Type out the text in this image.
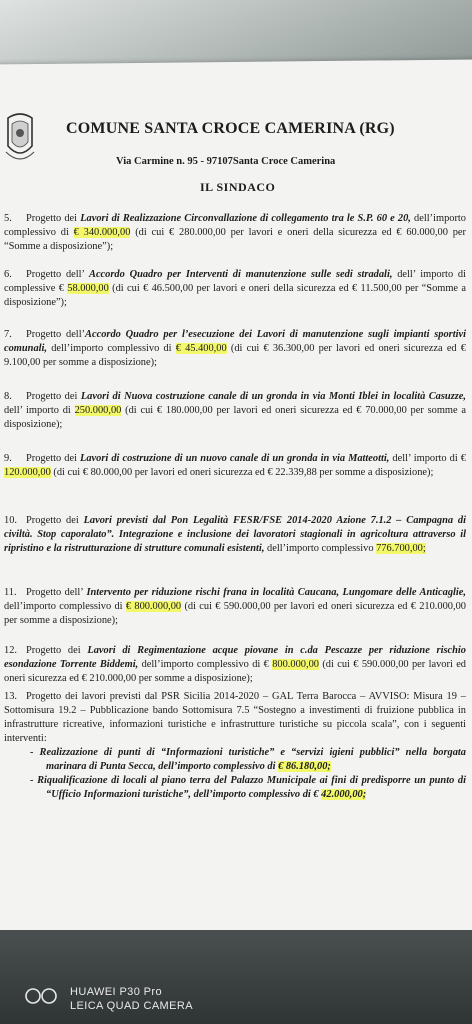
COMUNE SANTA CROCE CAMERINA (RG)
Via Carmine n. 95 - 97107Santa Croce Camerina
IL SINDACO

5. Progetto dei Lavori di Realizzazione Circonvallazione di collegamento tra le S.P. 60 e 20, dell’importo complessivo di € 340.000,00 (di cui € 280.000,00 per lavori e oneri della sicurezza ed € 60.000,00 per “Somme a disposizione”);

6. Progetto dell’ Accordo Quadro per Interventi di manutenzione sulle sedi stradali, dell’ importo di complessive € 58.000,00 (di cui € 46.500,00 per lavori e oneri della sicurezza ed € 11.500,00 per “Somme a disposizione”);

7. Progetto dell’Accordo Quadro per l’esecuzione dei Lavori di manutenzione sugli impianti sportivi comunali, dell’importo complessivo di € 45.400,00 (di cui € 36.300,00 per lavori ed oneri sicurezza ed € 9.100,00 per somme a disposizione);

8. Progetto dei Lavori di Nuova costruzione canale di un gronda in via Monti Iblei in località Casuzze, dell’ importo di 250.000,00 (di cui € 180.000,00 per lavori ed oneri sicurezza ed € 70.000,00 per somme a disposizione);

9. Progetto dei Lavori di costruzione di un nuovo canale di un gronda in via Matteotti, dell’ importo di € 120.000,00 (di cui € 80.000,00 per lavori ed oneri sicurezza ed € 22.339,88 per somme a disposizione);

10. Progetto dei Lavori previsti dal Pon Legalità FESR/FSE 2014-2020 Azione 7.1.2 – Campagna di civiltà. Stop caporalato”. Integrazione e inclusione dei lavoratori stagionali in agricoltura attraverso il ripristino e la ristrutturazione di strutture comunali esistenti, dell’importo complessivo 776.700,00;

11. Progetto dell’ Intervento per riduzione rischi frana in località Caucana, Lungomare delle Anticaglie, dell’importo complessivo di € 800.000,00 (di cui € 590.000,00 per lavori ed oneri sicurezza ed € 210.000,00 per somme a disposizione);

12. Progetto dei Lavori di Regimentazione acque piovane in c.da Pescazze per riduzione rischio esondazione Torrente Biddemi, dell’importo complessivo di € 800.000,00 (di cui € 590.000,00 per lavori ed oneri sicurezza ed € 210.000,00 per somme a disposizione);

13. Progetto dei lavori previsti dal PSR Sicilia 2014-2020 – GAL Terra Barocca – AVVISO: Misura 19 – Sottomisura 19.2 – Pubblicazione bando Sottomisura 7.5 “Sostegno a investimenti di fruizione pubblica in infrastrutture ricreative, informazioni turistiche e infrastrutture turistiche su piccola scala”, con i seguenti interventi:

- Realizzazione di punti di “Informazioni turistiche” e “servizi igieni pubblici” nella borgata marinara di Punta Secca, dell’importo complessivo di € 86.180,00;

- Riqualificazione di locali al piano terra del Palazzo Municipale ai fini di predisporre un punto di “Ufficio Informazioni turistiche”, dell’importo complessivo di € 42.000,00;

HUAWEI P30 Pro
LEICA QUAD CAMERA
